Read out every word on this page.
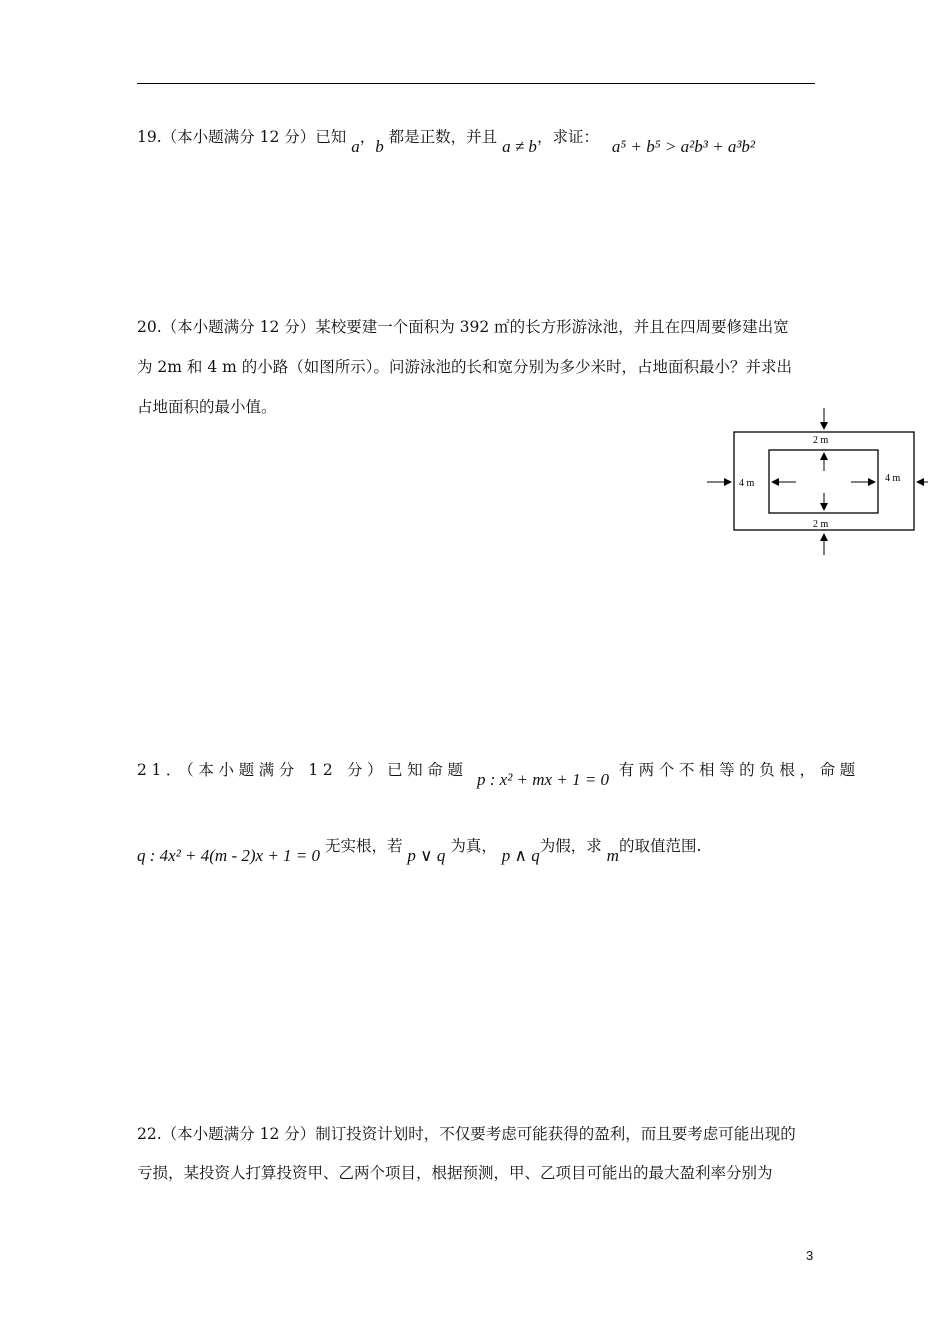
19.（本小题满分 12 分）已知 a，b 都是正数，并且 a ≠ b，求证： a⁵ + b⁵ > a²b³ + a³b²
20.（本小题满分 12 分）某校要建一个面积为 392 ㎡的长方形游泳池，并且在四周要修建出宽
为 2m 和 4 m 的小路（如图所示）。问游泳池的长和宽分别为多少米时，占地面积最小？并求出
占地面积的最小值。
2 m
2 m
4 m	4 m
21．（本小题满分 12 分）已知命题 p : x² + mx + 1 = 0 有两个不相等的负根，命题
q : 4x² + 4(m - 2)x + 1 = 0 无实根，若 p ∨ q 为真， p ∧ q为假，求 m的取值范围.
22.（本小题满分 12 分）制订投资计划时，不仅要考虑可能获得的盈利，而且要考虑可能出现的
亏损，某投资人打算投资甲、乙两个项目，根据预测，甲、乙项目可能出的最大盈利率分别为
3
